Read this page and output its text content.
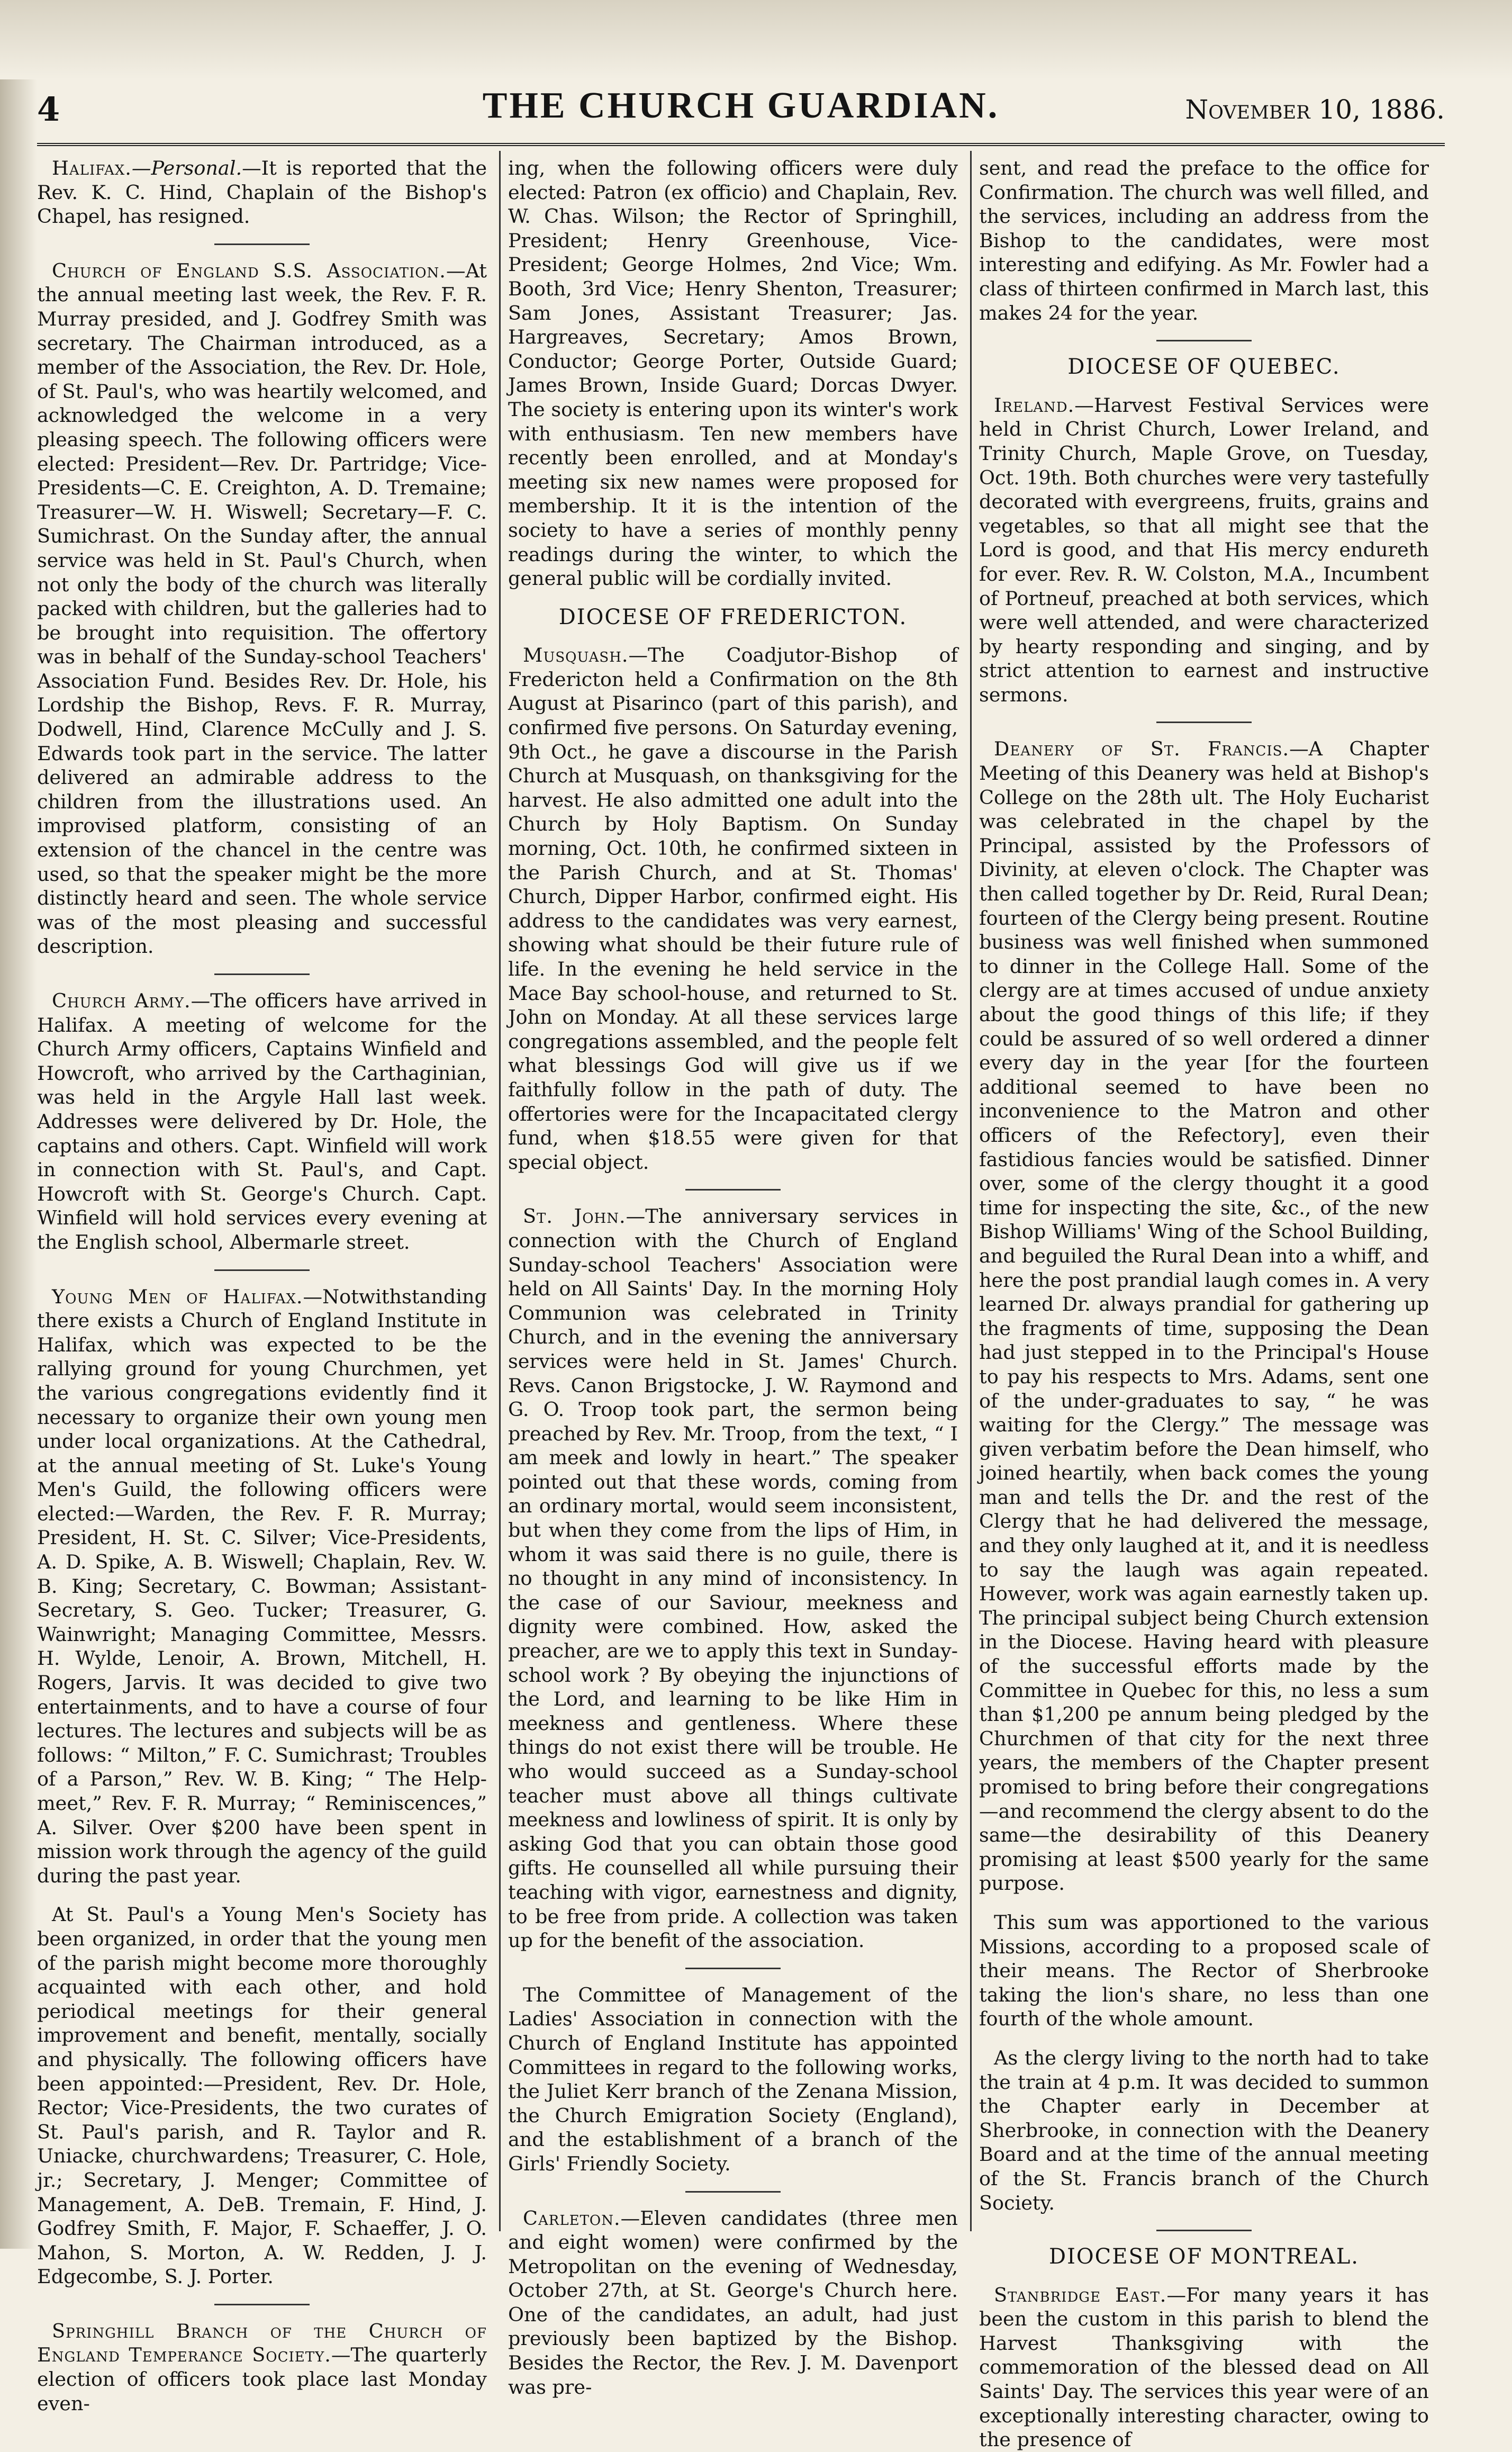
4	THE CHURCH GUARDIAN.	November 10, 1886.

Halifax.—Personal.—It is reported that the Rev. K. C. Hind, Chaplain of the Bishop's Chapel, has resigned.

Church of England S.S. Association.—At the annual meeting last week, the Rev. F. R. Murray presided, and J. Godfrey Smith was secretary. The Chairman introduced, as a member of the Association, the Rev. Dr. Hole, of St. Paul's, who was heartily welcomed, and acknowledged the welcome in a very pleasing speech. The following officers were elected: President—Rev. Dr. Partridge; Vice-Presidents—C. E. Creighton, A. D. Tremaine; Treasurer—W. H. Wiswell; Secretary—F. C. Sumichrast. On the Sunday after, the annual service was held in St. Paul's Church, when not only the body of the church was literally packed with children, but the galleries had to be brought into requisition. The offertory was in behalf of the Sunday-school Teachers' Association Fund. Besides Rev. Dr. Hole, his Lordship the Bishop, Revs. F. R. Murray, Dodwell, Hind, Clarence McCully and J. S. Edwards took part in the service. The latter delivered an admirable address to the children from the illustrations used. An improvised platform, consisting of an extension of the chancel in the centre was used, so that the speaker might be the more distinctly heard and seen. The whole service was of the most pleasing and successful description.

Church Army.—The officers have arrived in Halifax. A meeting of welcome for the Church Army officers, Captains Winfield and Howcroft, who arrived by the Carthaginian, was held in the Argyle Hall last week. Addresses were delivered by Dr. Hole, the captains and others. Capt. Winfield will work in connection with St. Paul's, and Capt. Howcroft with St. George's Church. Capt. Winfield will hold services every evening at the English school, Albermarle street.

Young Men of Halifax.—Notwithstanding there exists a Church of England Institute in Halifax, which was expected to be the rallying ground for young Churchmen, yet the various congregations evidently find it necessary to organize their own young men under local organizations. At the Cathedral, at the annual meeting of St. Luke's Young Men's Guild, the following officers were elected:—Warden, the Rev. F. R. Murray; President, H. St. C. Silver; Vice-Presidents, A. D. Spike, A. B. Wiswell; Chaplain, Rev. W. B. King; Secretary, C. Bowman; Assistant-Secretary, S. Geo. Tucker; Treasurer, G. Wainwright; Managing Committee, Messrs. H. Wylde, Lenoir, A. Brown, Mitchell, H. Rogers, Jarvis. It was decided to give two entertainments, and to have a course of four lectures. The lectures and subjects will be as follows: “ Milton,” F. C. Sumichrast; Troubles of a Parson,” Rev. W. B. King; “ The Help-meet,” Rev. F. R. Murray; “ Reminiscences,” A. Silver. Over $200 have been spent in mission work through the agency of the guild during the past year.

At St. Paul's a Young Men's Society has been organized, in order that the young men of the parish might become more thoroughly acquainted with each other, and hold periodical meetings for their general improvement and benefit, mentally, socially and physically. The following officers have been appointed:—President, Rev. Dr. Hole, Rector; Vice-Presidents, the two curates of St. Paul's parish, and R. Taylor and R. Uniacke, churchwardens; Treasurer, C. Hole, jr.; Secretary, J. Menger; Committee of Management, A. DeB. Tremain, F. Hind, J. Godfrey Smith, F. Major, F. Schaeffer, J. O. Mahon, S. Morton, A. W. Redden, J. J. Edgecombe, S. J. Porter.

Springhill Branch of the Church of England Temperance Society.—The quarterly election of officers took place last Monday even-

ing, when the following officers were duly elected: Patron (ex officio) and Chaplain, Rev. W. Chas. Wilson; the Rector of Springhill, President; Henry Greenhouse, Vice-President; George Holmes, 2nd Vice; Wm. Booth, 3rd Vice; Henry Shenton, Treasurer; Sam Jones, Assistant Treasurer; Jas. Hargreaves, Secretary; Amos Brown, Conductor; George Porter, Outside Guard; James Brown, Inside Guard; Dorcas Dwyer. The society is entering upon its winter's work with enthusiasm. Ten new members have recently been enrolled, and at Monday's meeting six new names were proposed for membership. It it is the intention of the society to have a series of monthly penny readings during the winter, to which the general public will be cordially invited.

DIOCESE OF FREDERICTON.

Musquash.—The Coadjutor-Bishop of Fredericton held a Confirmation on the 8th August at Pisarinco (part of this parish), and confirmed five persons. On Saturday evening, 9th Oct., he gave a discourse in the Parish Church at Musquash, on thanksgiving for the harvest. He also admitted one adult into the Church by Holy Baptism. On Sunday morning, Oct. 10th, he confirmed sixteen in the Parish Church, and at St. Thomas' Church, Dipper Harbor, confirmed eight. His address to the candidates was very earnest, showing what should be their future rule of life. In the evening he held service in the Mace Bay school-house, and returned to St. John on Monday. At all these services large congregations assembled, and the people felt what blessings God will give us if we faithfully follow in the path of duty. The offertories were for the Incapacitated clergy fund, when $18.55 were given for that special object.

St. John.—The anniversary services in connection with the Church of England Sunday-school Teachers' Association were held on All Saints' Day. In the morning Holy Communion was celebrated in Trinity Church, and in the evening the anniversary services were held in St. James' Church. Revs. Canon Brigstocke, J. W. Raymond and G. O. Troop took part, the sermon being preached by Rev. Mr. Troop, from the text, “ I am meek and lowly in heart.” The speaker pointed out that these words, coming from an ordinary mortal, would seem inconsistent, but when they come from the lips of Him, in whom it was said there is no guile, there is no thought in any mind of inconsistency. In the case of our Saviour, meekness and dignity were combined. How, asked the preacher, are we to apply this text in Sunday-school work ? By obeying the injunctions of the Lord, and learning to be like Him in meekness and gentleness. Where these things do not exist there will be trouble. He who would succeed as a Sunday-school teacher must above all things cultivate meekness and lowliness of spirit. It is only by asking God that you can obtain those good gifts. He counselled all while pursuing their teaching with vigor, earnestness and dignity, to be free from pride. A collection was taken up for the benefit of the association.

The Committee of Management of the Ladies' Association in connection with the Church of England Institute has appointed Committees in regard to the following works, the Juliet Kerr branch of the Zenana Mission, the Church Emigration Society (England), and the establishment of a branch of the Girls' Friendly Society.

Carleton.—Eleven candidates (three men and eight women) were confirmed by the Metropolitan on the evening of Wednesday, October 27th, at St. George's Church here. One of the candidates, an adult, had just previously been baptized by the Bishop. Besides the Rector, the Rev. J. M. Davenport was pre-

sent, and read the preface to the office for Confirmation. The church was well filled, and the services, including an address from the Bishop to the candidates, were most interesting and edifying. As Mr. Fowler had a class of thirteen confirmed in March last, this makes 24 for the year.

DIOCESE OF QUEBEC.

Ireland.—Harvest Festival Services were held in Christ Church, Lower Ireland, and Trinity Church, Maple Grove, on Tuesday, Oct. 19th. Both churches were very tastefully decorated with evergreens, fruits, grains and vegetables, so that all might see that the Lord is good, and that His mercy endureth for ever. Rev. R. W. Colston, M.A., Incumbent of Portneuf, preached at both services, which were well attended, and were characterized by hearty responding and singing, and by strict attention to earnest and instructive sermons.

Deanery of St. Francis.—A Chapter Meeting of this Deanery was held at Bishop's College on the 28th ult. The Holy Eucharist was celebrated in the chapel by the Principal, assisted by the Professors of Divinity, at eleven o'clock. The Chapter was then called together by Dr. Reid, Rural Dean; fourteen of the Clergy being present. Routine business was well finished when summoned to dinner in the College Hall. Some of the clergy are at times accused of undue anxiety about the good things of this life; if they could be assured of so well ordered a dinner every day in the year [for the fourteen additional seemed to have been no inconvenience to the Matron and other officers of the Refectory], even their fastidious fancies would be satisfied. Dinner over, some of the clergy thought it a good time for inspecting the site, &c., of the new Bishop Williams' Wing of the School Building, and beguiled the Rural Dean into a whiff, and here the post prandial laugh comes in. A very learned Dr. always prandial for gathering up the fragments of time, supposing the Dean had just stepped in to the Principal's House to pay his respects to Mrs. Adams, sent one of the under-graduates to say, “ he was waiting for the Clergy.” The message was given verbatim before the Dean himself, who joined heartily, when back comes the young man and tells the Dr. and the rest of the Clergy that he had delivered the message, and they only laughed at it, and it is needless to say the laugh was again repeated. However, work was again earnestly taken up. The principal subject being Church extension in the Diocese. Having heard with pleasure of the successful efforts made by the Committee in Quebec for this, no less a sum than $1,200 pe annum being pledged by the Churchmen of that city for the next three years, the members of the Chapter present promised to bring before their congregations—and recommend the clergy absent to do the same—the desirability of this Deanery promising at least $500 yearly for the same purpose.

This sum was apportioned to the various Missions, according to a proposed scale of their means. The Rector of Sherbrooke taking the lion's share, no less than one fourth of the whole amount.

As the clergy living to the north had to take the train at 4 p.m. It was decided to summon the Chapter early in December at Sherbrooke, in connection with the Deanery Board and at the time of the annual meeting of the St. Francis branch of the Church Society.

DIOCESE OF MONTREAL.

Stanbridge East.—For many years it has been the custom in this parish to blend the Harvest Thanksgiving with the commemoration of the blessed dead on All Saints' Day. The services this year were of an exceptionally interesting character, owing to the presence of
